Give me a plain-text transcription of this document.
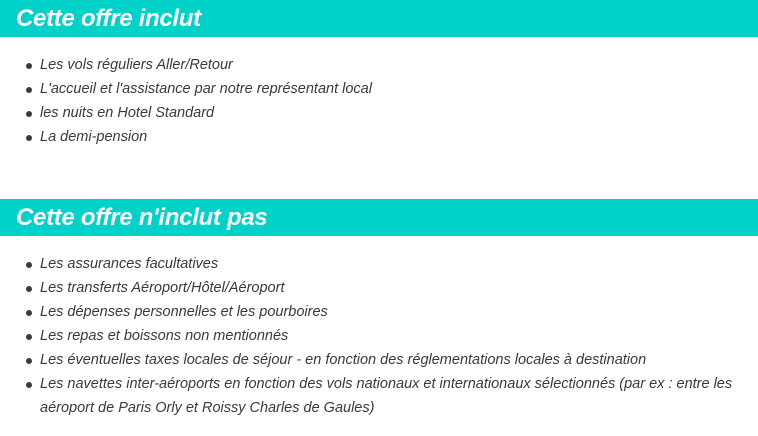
Cette offre inclut
Les vols réguliers Aller/Retour
L'accueil et l'assistance par notre représentant local
les nuits en Hotel Standard
La demi-pension
Cette offre n'inclut pas
Les assurances facultatives
Les transferts Aéroport/Hôtel/Aéroport
Les dépenses personnelles et les pourboires
Les repas et boissons non mentionnés
Les éventuelles taxes locales de séjour - en fonction des réglementations locales à destination
Les navettes inter-aéroports en fonction des vols nationaux et internationaux sélectionnés (par ex : entre les aéroport de Paris Orly et Roissy Charles de Gaules)
